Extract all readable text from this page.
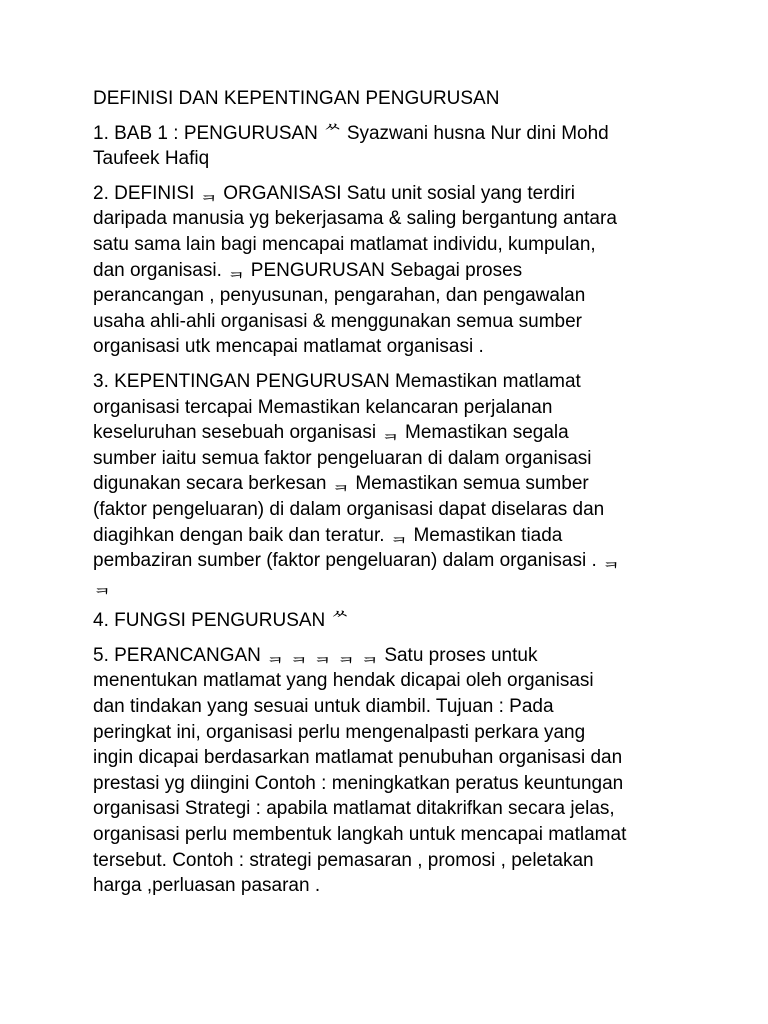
DEFINISI DAN KEPENTINGAN PENGURUSAN
1. BAB 1 : PENGURUSAN ᄊ Syazwani husna Nur dini Mohd
Taufeek Hafiq
2. DEFINISI ᆿ ORGANISASI Satu unit sosial yang terdiri
daripada manusia yg bekerjasama & saling bergantung antara
satu sama lain bagi mencapai matlamat individu, kumpulan,
dan organisasi. ᆿ PENGURUSAN Sebagai proses
perancangan , penyusunan, pengarahan, dan pengawalan
usaha ahli-ahli organisasi & menggunakan semua sumber
organisasi utk mencapai matlamat organisasi .
3. KEPENTINGAN PENGURUSAN Memastikan matlamat
organisasi tercapai Memastikan kelancaran perjalanan
keseluruhan sesebuah organisasi ᆿ Memastikan segala
sumber iaitu semua faktor pengeluaran di dalam organisasi
digunakan secara berkesan ᆿ Memastikan semua sumber
(faktor pengeluaran) di dalam organisasi dapat diselaras dan
diagihkan dengan baik dan teratur. ᆿ Memastikan tiada
pembaziran sumber (faktor pengeluaran) dalam organisasi . ᆿ
ᆿ
4. FUNGSI PENGURUSAN ᄊ
5. PERANCANGAN ᆿ ᆿ ᆿ ᆿ ᆿ Satu proses untuk
menentukan matlamat yang hendak dicapai oleh organisasi
dan tindakan yang sesuai untuk diambil. Tujuan : Pada
peringkat ini, organisasi perlu mengenalpasti perkara yang
ingin dicapai berdasarkan matlamat penubuhan organisasi dan
prestasi yg diingini Contoh : meningkatkan peratus keuntungan
organisasi Strategi : apabila matlamat ditakrifkan secara jelas,
organisasi perlu membentuk langkah untuk mencapai matlamat
tersebut. Contoh : strategi pemasaran , promosi , peletakan
harga ,perluasan pasaran .
